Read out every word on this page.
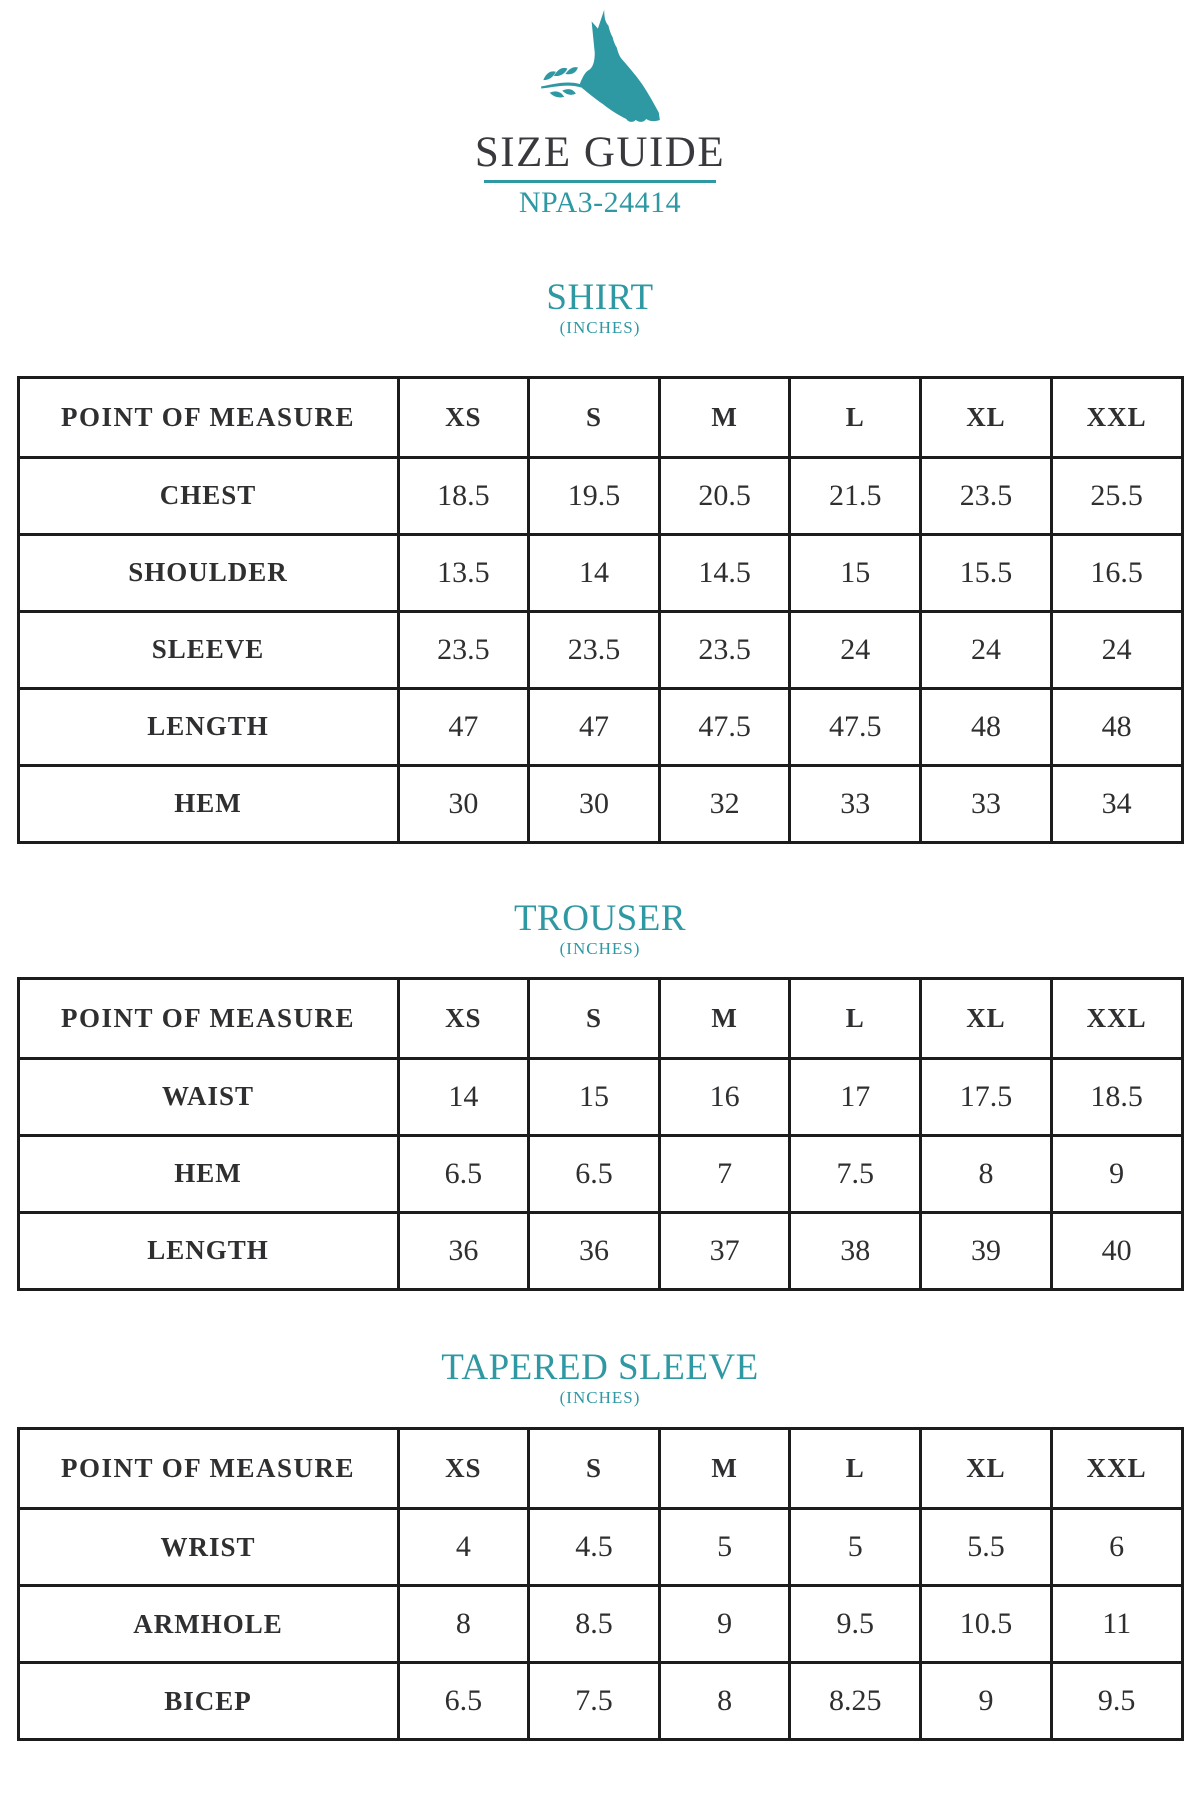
SIZE GUIDE
NPA3-24414
SHIRT
(INCHES)
POINT OF MEASURE	XS	S	M	L	XL	XXL
CHEST	18.5	19.5	20.5	21.5	23.5	25.5
SHOULDER	13.5	14	14.5	15	15.5	16.5
SLEEVE	23.5	23.5	23.5	24	24	24
LENGTH	47	47	47.5	47.5	48	48
HEM	30	30	32	33	33	34
TROUSER
(INCHES)
POINT OF MEASURE	XS	S	M	L	XL	XXL
WAIST	14	15	16	17	17.5	18.5
HEM	6.5	6.5	7	7.5	8	9
LENGTH	36	36	37	38	39	40
TAPERED SLEEVE
(INCHES)
POINT OF MEASURE	XS	S	M	L	XL	XXL
WRIST	4	4.5	5	5	5.5	6
ARMHOLE	8	8.5	9	9.5	10.5	11
BICEP	6.5	7.5	8	8.25	9	9.5
